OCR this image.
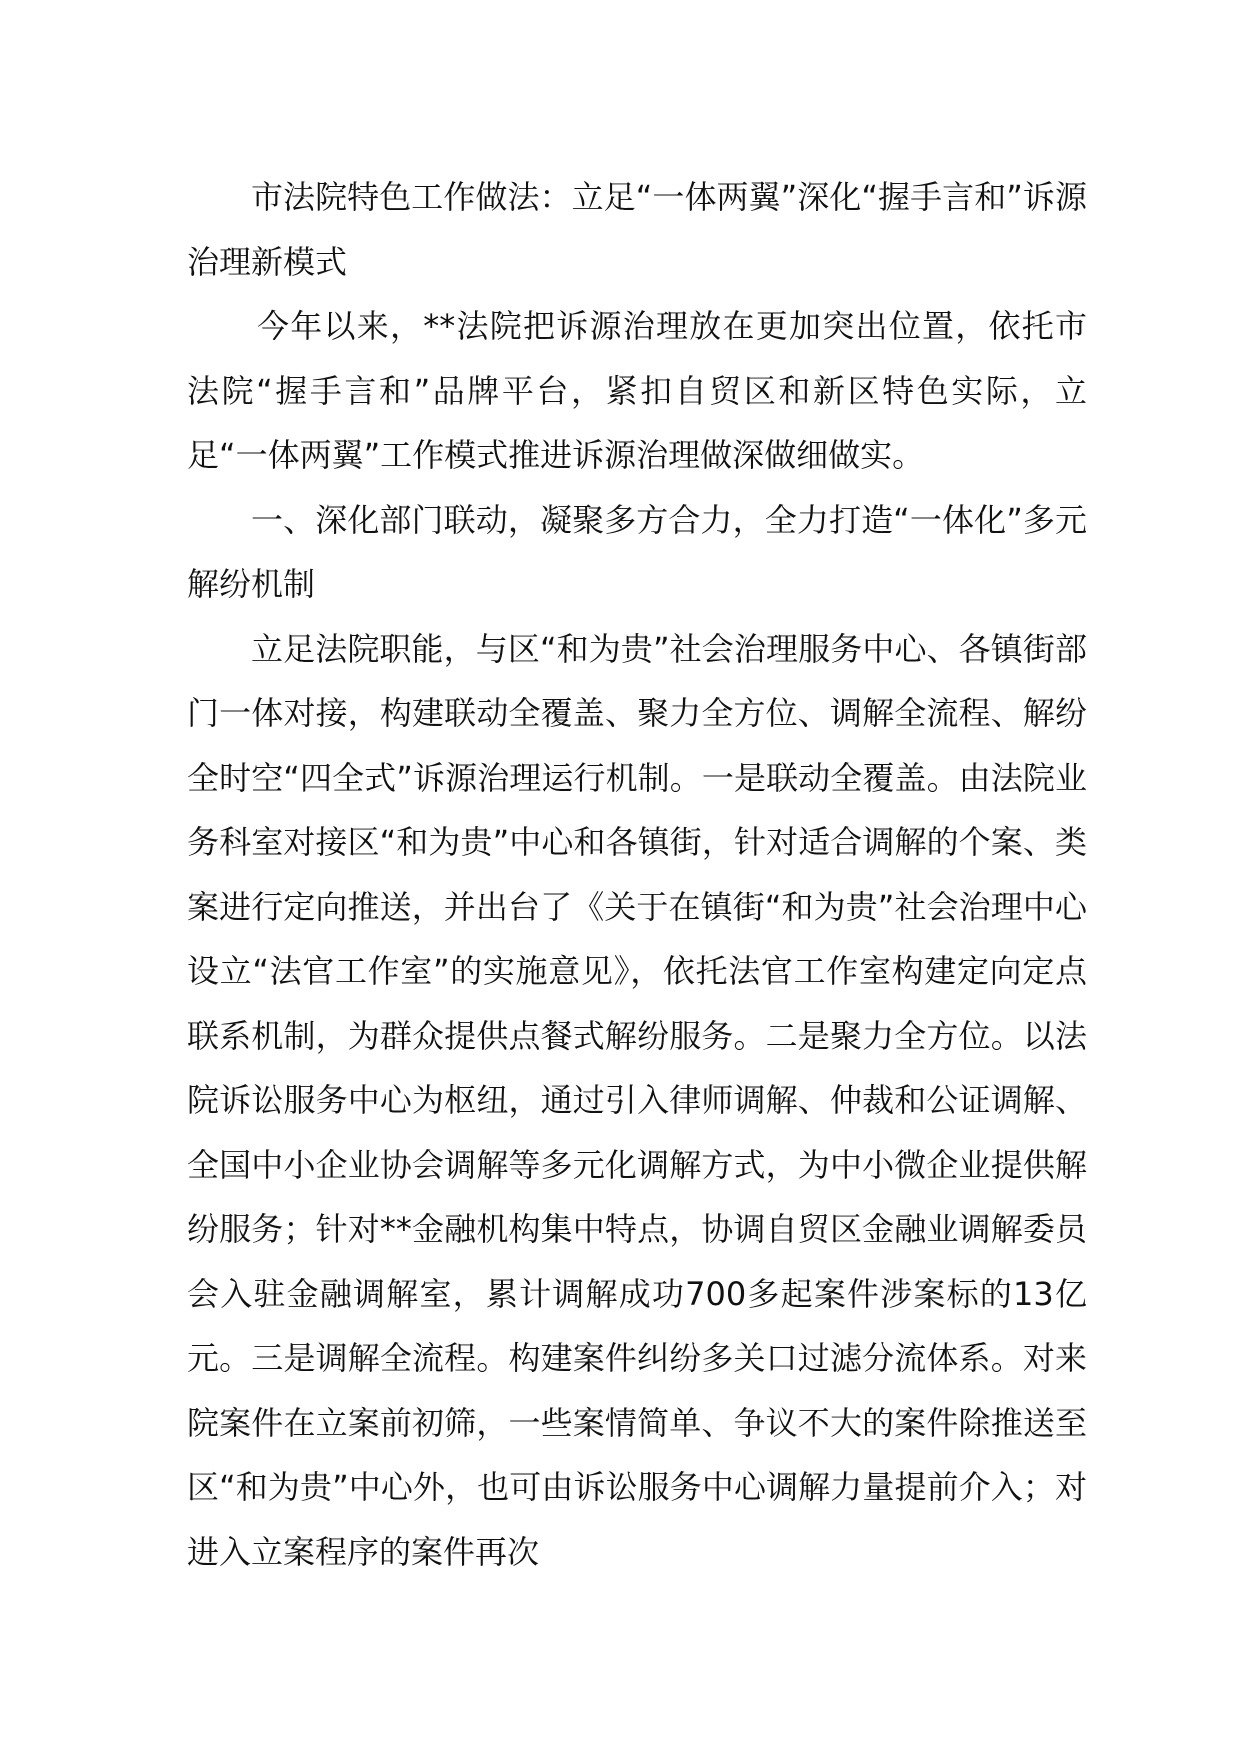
市法院特色工作做法：立足“一体两翼”深化“握手言和”诉源治理新模式

今年以来，**法院把诉源治理放在更加突出位置，依托市法院“握手言和”品牌平台，紧扣自贸区和新区特色实际，立足“一体两翼”工作模式推进诉源治理做深做细做实。

一、深化部门联动，凝聚多方合力，全力打造“一体化”多元解纷机制

立足法院职能，与区“和为贵”社会治理服务中心、各镇街部门一体对接，构建联动全覆盖、聚力全方位、调解全流程、解纷全时空“四全式”诉源治理运行机制。一是联动全覆盖。由法院业务科室对接区“和为贵”中心和各镇街，针对适合调解的个案、类案进行定向推送，并出台了《关于在镇街“和为贵”社会治理中心设立“法官工作室”的实施意见》，依托法官工作室构建定向定点联系机制，为群众提供点餐式解纷服务。二是聚力全方位。以法院诉讼服务中心为枢纽，通过引入律师调解、仲裁和公证调解、全国中小企业协会调解等多元化调解方式，为中小微企业提供解纷服务；针对**金融机构集中特点，协调自贸区金融业调解委员会入驻金融调解室，累计调解成功700多起案件涉案标的13亿元。三是调解全流程。构建案件纠纷多关口过滤分流体系。对来院案件在立案前初筛，一些案情简单、争议不大的案件除推送至区“和为贵”中心外，也可由诉讼服务中心调解力量提前介入；对进入立案程序的案件再次
